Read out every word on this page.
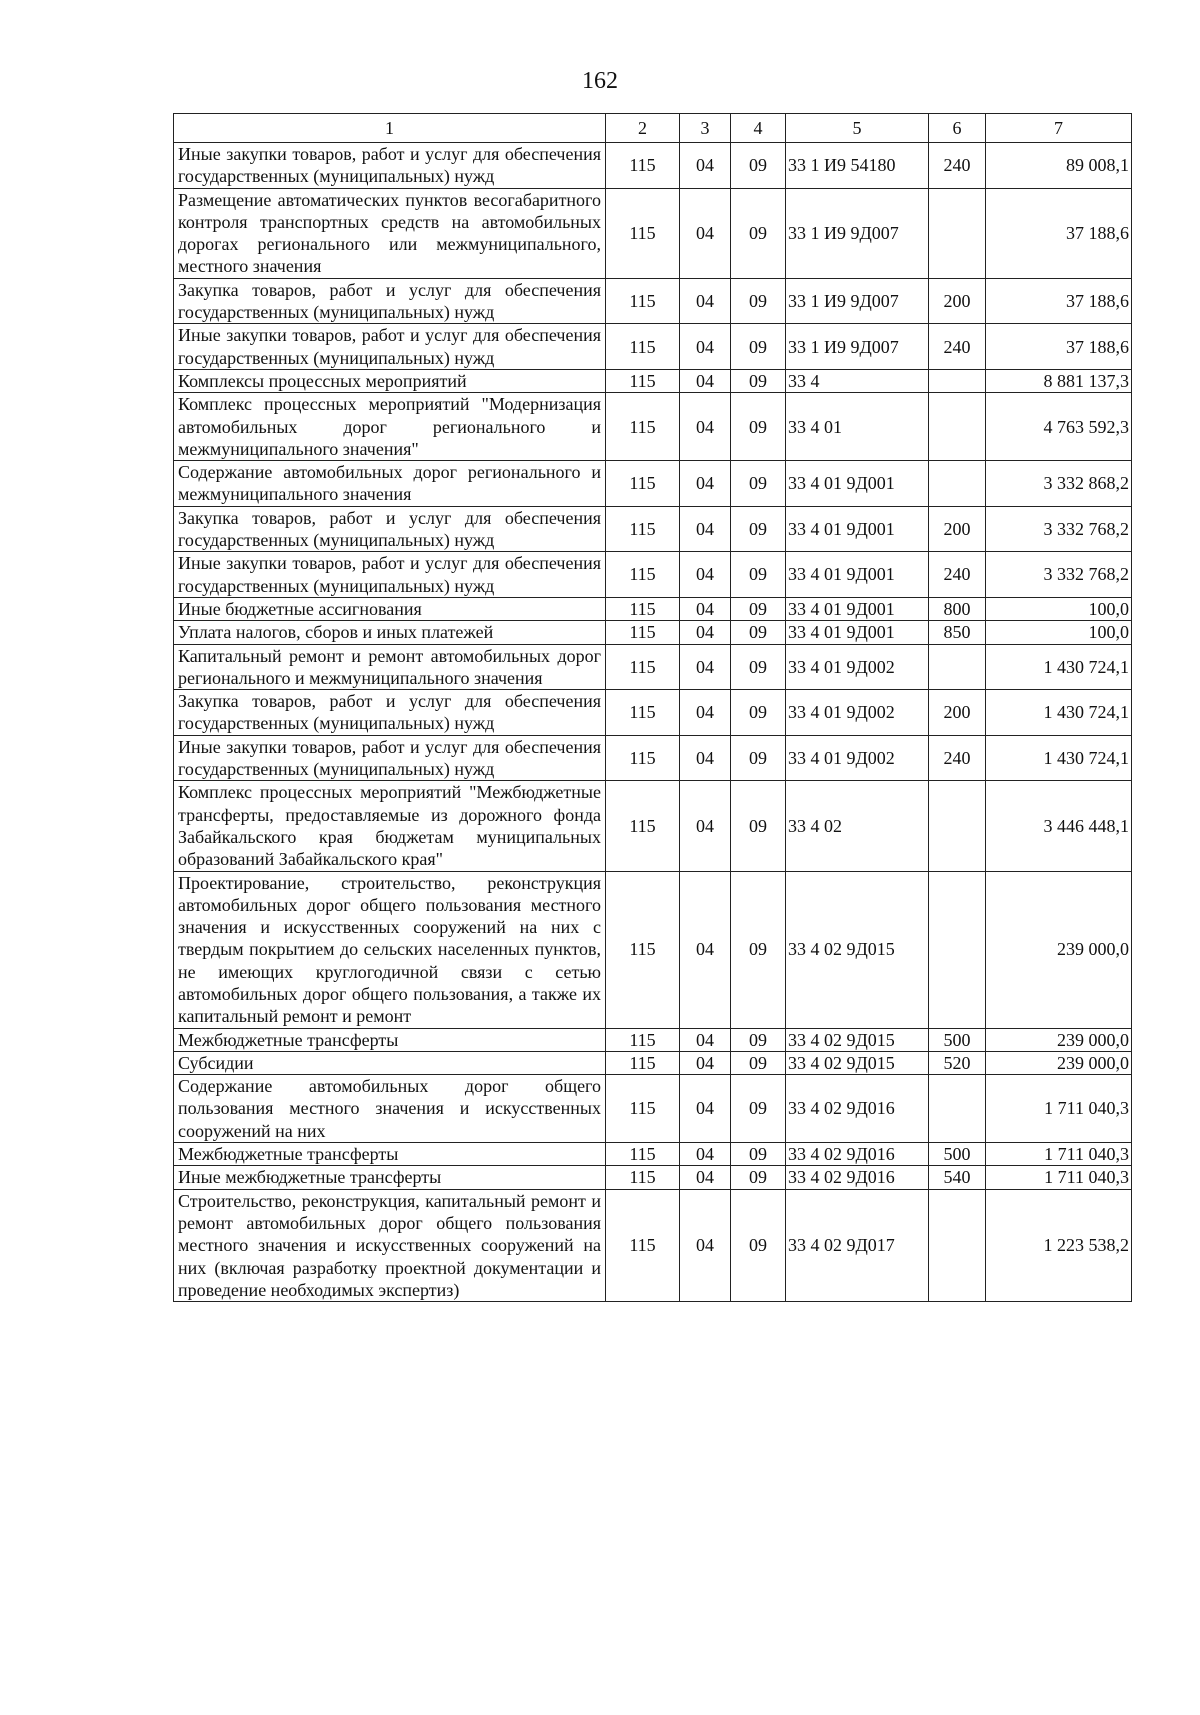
162
1	2	3	4	5	6	7
Иные закупки товаров, работ и услуг для обеспечения государственных (муниципальных) нужд	115	04	09	33 1 И9 54180	240	89 008,1
Размещение автоматических пунктов весогабаритного контроля транспортных средств на автомобильных дорогах регионального или межмуниципального, местного значения	115	04	09	33 1 И9 9Д007		37 188,6
Закупка товаров, работ и услуг для обеспечения государственных (муниципальных) нужд	115	04	09	33 1 И9 9Д007	200	37 188,6
Иные закупки товаров, работ и услуг для обеспечения государственных (муниципальных) нужд	115	04	09	33 1 И9 9Д007	240	37 188,6
Комплексы процессных мероприятий	115	04	09	33 4		8 881 137,3
Комплекс процессных мероприятий "Модернизация автомобильных дорог регионального и межмуниципального значения"	115	04	09	33 4 01		4 763 592,3
Содержание автомобильных дорог регионального и межмуниципального значения	115	04	09	33 4 01 9Д001		3 332 868,2
Закупка товаров, работ и услуг для обеспечения государственных (муниципальных) нужд	115	04	09	33 4 01 9Д001	200	3 332 768,2
Иные закупки товаров, работ и услуг для обеспечения государственных (муниципальных) нужд	115	04	09	33 4 01 9Д001	240	3 332 768,2
Иные бюджетные ассигнования	115	04	09	33 4 01 9Д001	800	100,0
Уплата налогов, сборов и иных платежей	115	04	09	33 4 01 9Д001	850	100,0
Капитальный ремонт и ремонт автомобильных дорог регионального и межмуниципального значения	115	04	09	33 4 01 9Д002		1 430 724,1
Закупка товаров, работ и услуг для обеспечения государственных (муниципальных) нужд	115	04	09	33 4 01 9Д002	200	1 430 724,1
Иные закупки товаров, работ и услуг для обеспечения государственных (муниципальных) нужд	115	04	09	33 4 01 9Д002	240	1 430 724,1
Комплекс процессных мероприятий "Межбюджетные трансферты, предоставляемые из дорожного фонда Забайкальского края бюджетам муниципальных образований Забайкальского края"	115	04	09	33 4 02		3 446 448,1
Проектирование, строительство, реконструкция автомобильных дорог общего пользования местного значения и искусственных сооружений на них с твердым покрытием до сельских населенных пунктов, не имеющих круглогодичной связи с сетью автомобильных дорог общего пользования, а также их капитальный ремонт и ремонт	115	04	09	33 4 02 9Д015		239 000,0
Межбюджетные трансферты	115	04	09	33 4 02 9Д015	500	239 000,0
Субсидии	115	04	09	33 4 02 9Д015	520	239 000,0
Содержание автомобильных дорог общего пользования местного значения и искусственных сооружений на них	115	04	09	33 4 02 9Д016		1 711 040,3
Межбюджетные трансферты	115	04	09	33 4 02 9Д016	500	1 711 040,3
Иные межбюджетные трансферты	115	04	09	33 4 02 9Д016	540	1 711 040,3
Строительство, реконструкция, капитальный ремонт и ремонт автомобильных дорог общего пользования местного значения и искусственных сооружений на них (включая разработку проектной документации и проведение необходимых экспертиз)	115	04	09	33 4 02 9Д017		1 223 538,2
